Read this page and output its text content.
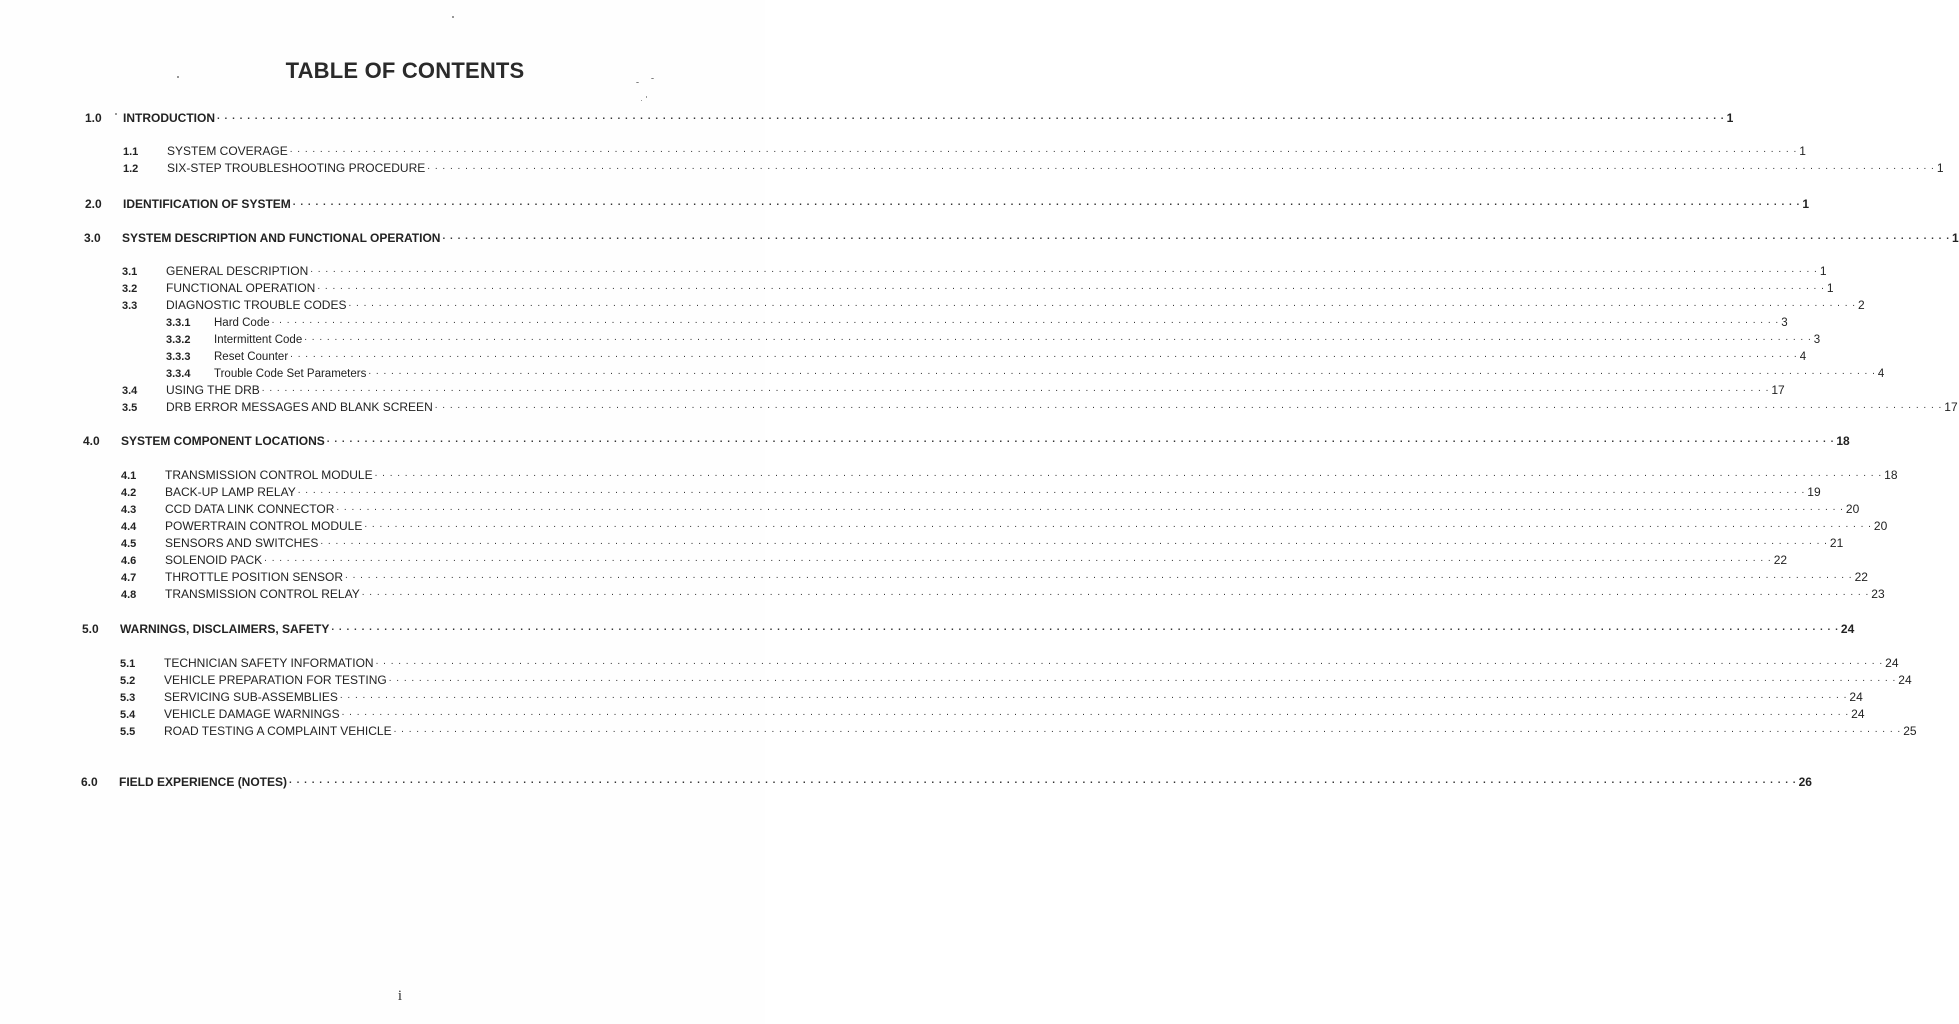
TABLE OF CONTENTS
1.0 INTRODUCTION . . . . . . . . . . . . . . . . . . . . . . . . . . . . . . . . . . . . . . . . . . . . . . . . . . . . . . . . . . . . . . . . . . . . . . . . . . . . . . . . . . . . . . . . . . . . . . . . . . . . . . . . . . . . . . . . . . . . . . . . . . . . . . . . . . . . . . . . . . . . . . . . . . . . . . . . . . . . . . . . . . . . . . . . . . . . . . . . . . . . . . . . . . . . . . . . . . . . . . . . 1
1.1 SYSTEM COVERAGE . . . . . . . . . . . . . . . . . . . . . . . . . . . . . . . . . . . . . . . . . . . . . . . . . . . . . . . . . . . . . . . . . . . . . . . . . . . . . . . . . . . . . . . . . . . . . . . . . . . . . . . . . . . . . . . . . . . . . . . . . . . . . . . . . . . . . . . . . . . . . . . . . . . . . . . . . . . . . . . . . . . . . . . . . . . . . . . . . . . . . . . . . . . . . . . . . . . . . . . . 1
1.2 SIX-STEP TROUBLESHOOTING PROCEDURE . . . . . . . . . . . . . . . . . . . . . . . . . . . . . . . . . . . . . . . . . . . . . . . . . . . . . . . . . . . . . . . . . . . . . . . . . . . . . . . . . . . . . . . . . . . . . . . . . . . . . . . . . . . . . . . . . . . . . . . . . . . . . . . . . . . . . . . . . . . . . . . . . . . . . . . . . . . . . . . . . . . . . . . . . . . . . . . . . . . . . . . . . . . . . . . . . . . . . . . . 1
2.0 IDENTIFICATION OF SYSTEM . . . . . . . . . . . . . . . . . . . . . . . . . . . . . . . . . . . . . . . . . . . . . . . . . . . . . . . . . . . . . . . . . . . . . . . . . . . . . . . . . . . . . . . . . . . . . . . . . . . . . . . . . . . . . . . . . . . . . . . . . . . . . . . . . . . . . . . . . . . . . . . . . . . . . . . . . . . . . . . . . . . . . . . . . . . . . . . . . . . . . . . . . . . . . . . . . . . . . . . . 1
3.0 SYSTEM DESCRIPTION AND FUNCTIONAL OPERATION . . . . . . . . . . . . . . . . . . . . . . . . . . . . . . . . . . . . . . . . . . . . . . . . . . . . . . . . . . . . . . . . . . . . . . . . . . . . . . . . . . . . . . . . . . . . . . . . . . . . . . . . . . . . . . . . . . . . . . . . . . . . . . . . . . . . . . . . . . . . . . . . . . . . . . . . . . . . . . . . . . . . . . . . . . . . . . . . . . . . . . . . . . . . . . . . . . . . . . . . 1
3.1 GENERAL DESCRIPTION . . . . . . . . . . . . . . . . . . . . . . . . . . . . . . . . . . . . . . . . . . . . . . . . . . . . . . . . . . . . . . . . . . . . . . . . . . . . . . . . . . . . . . . . . . . . . . . . . . . . . . . . . . . . . . . . . . . . . . . . . . . . . . . . . . . . . . . . . . . . . . . . . . . . . . . . . . . . . . . . . . . . . . . . . . . . . . . . . . . . . . . . . . . . . . . . . . . . . . . . 1
3.2 FUNCTIONAL OPERATION . . . . . . . . . . . . . . . . . . . . . . . . . . . . . . . . . . . . . . . . . . . . . . . . . . . . . . . . . . . . . . . . . . . . . . . . . . . . . . . . . . . . . . . . . . . . . . . . . . . . . . . . . . . . . . . . . . . . . . . . . . . . . . . . . . . . . . . . . . . . . . . . . . . . . . . . . . . . . . . . . . . . . . . . . . . . . . . . . . . . . . . . . . . . . . . . . . . . . . . . 1
3.3 DIAGNOSTIC TROUBLE CODES . . . . . . . . . . . . . . . . . . . . . . . . . . . . . . . . . . . . . . . . . . . . . . . . . . . . . . . . . . . . . . . . . . . . . . . . . . . . . . . . . . . . . . . . . . . . . . . . . . . . . . . . . . . . . . . . . . . . . . . . . . . . . . . . . . . . . . . . . . . . . . . . . . . . . . . . . . . . . . . . . . . . . . . . . . . . . . . . . . . . . . . . . . . . . . . . . . . . . . . . 2
3.3.1 Hard Code . . . . . . . . . . . . . . . . . . . . . . . . . . . . . . . . . . . . . . . . . . . . . . . . . . . . . . . . . . . . . . . . . . . . . . . . . . . . . . . . . . . . . . . . . . . . . . . . . . . . . . . . . . . . . . . . . . . . . . . . . . . . . . . . . . . . . . . . . . . . . . . . . . . . . . . . . . . . . . . . . . . . . . . . . . . . . . . . . . . . . . . . . . . . . . . . . . . . . . . . 3
3.3.2 Intermittent Code . . . . . . . . . . . . . . . . . . . . . . . . . . . . . . . . . . . . . . . . . . . . . . . . . . . . . . . . . . . . . . . . . . . . . . . . . . . . . . . . . . . . . . . . . . . . . . . . . . . . . . . . . . . . . . . . . . . . . . . . . . . . . . . . . . . . . . . . . . . . . . . . . . . . . . . . . . . . . . . . . . . . . . . . . . . . . . . . . . . . . . . . . . . . . . . . . . . . . . . . 3
3.3.3 Reset Counter . . . . . . . . . . . . . . . . . . . . . . . . . . . . . . . . . . . . . . . . . . . . . . . . . . . . . . . . . . . . . . . . . . . . . . . . . . . . . . . . . . . . . . . . . . . . . . . . . . . . . . . . . . . . . . . . . . . . . . . . . . . . . . . . . . . . . . . . . . . . . . . . . . . . . . . . . . . . . . . . . . . . . . . . . . . . . . . . . . . . . . . . . . . . . . . . . . . . . . . . 4
3.3.4 Trouble Code Set Parameters . . . . . . . . . . . . . . . . . . . . . . . . . . . . . . . . . . . . . . . . . . . . . . . . . . . . . . . . . . . . . . . . . . . . . . . . . . . . . . . . . . . . . . . . . . . . . . . . . . . . . . . . . . . . . . . . . . . . . . . . . . . . . . . . . . . . . . . . . . . . . . . . . . . . . . . . . . . . . . . . . . . . . . . . . . . . . . . . . . . . . . . . . . . . . . . . . . . . . . . . 4
3.4 USING THE DRB . . . . . . . . . . . . . . . . . . . . . . . . . . . . . . . . . . . . . . . . . . . . . . . . . . . . . . . . . . . . . . . . . . . . . . . . . . . . . . . . . . . . . . . . . . . . . . . . . . . . . . . . . . . . . . . . . . . . . . . . . . . . . . . . . . . . . . . . . . . . . . . . . . . . . . . . . . . . . . . . . . . . . . . . . . . . . . . . . . . . . . . . . . . . . . . . . . . . . . . . 17
3.5 DRB ERROR MESSAGES AND BLANK SCREEN . . . . . . . . . . . . . . . . . . . . . . . . . . . . . . . . . . . . . . . . . . . . . . . . . . . . . . . . . . . . . . . . . . . . . . . . . . . . . . . . . . . . . . . . . . . . . . . . . . . . . . . . . . . . . . . . . . . . . . . . . . . . . . . . . . . . . . . . . . . . . . . . . . . . . . . . . . . . . . . . . . . . . . . . . . . . . . . . . . . . . . . . . . . . . . . . . . . . . . . . 17
4.0 SYSTEM COMPONENT LOCATIONS . . . . . . . . . . . . . . . . . . . . . . . . . . . . . . . . . . . . . . . . . . . . . . . . . . . . . . . . . . . . . . . . . . . . . . . . . . . . . . . . . . . . . . . . . . . . . . . . . . . . . . . . . . . . . . . . . . . . . . . . . . . . . . . . . . . . . . . . . . . . . . . . . . . . . . . . . . . . . . . . . . . . . . . . . . . . . . . . . . . . . . . . . . . . . . . . . . . . . . . . 18
4.1 TRANSMISSION CONTROL MODULE . . . . . . . . . . . . . . . . . . . . . . . . . . . . . . . . . . . . . . . . . . . . . . . . . . . . . . . . . . . . . . . . . . . . . . . . . . . . . . . . . . . . . . . . . . . . . . . . . . . . . . . . . . . . . . . . . . . . . . . . . . . . . . . . . . . . . . . . . . . . . . . . . . . . . . . . . . . . . . . . . . . . . . . . . . . . . . . . . . . . . . . . . . . . . . . . . . . . . . . . 18
4.2 BACK-UP LAMP RELAY . . . . . . . . . . . . . . . . . . . . . . . . . . . . . . . . . . . . . . . . . . . . . . . . . . . . . . . . . . . . . . . . . . . . . . . . . . . . . . . . . . . . . . . . . . . . . . . . . . . . . . . . . . . . . . . . . . . . . . . . . . . . . . . . . . . . . . . . . . . . . . . . . . . . . . . . . . . . . . . . . . . . . . . . . . . . . . . . . . . . . . . . . . . . . . . . . . . . . . . . 19
4.3 CCD DATA LINK CONNECTOR . . . . . . . . . . . . . . . . . . . . . . . . . . . . . . . . . . . . . . . . . . . . . . . . . . . . . . . . . . . . . . . . . . . . . . . . . . . . . . . . . . . . . . . . . . . . . . . . . . . . . . . . . . . . . . . . . . . . . . . . . . . . . . . . . . . . . . . . . . . . . . . . . . . . . . . . . . . . . . . . . . . . . . . . . . . . . . . . . . . . . . . . . . . . . . . . . . . . . . . . 20
4.4 POWERTRAIN CONTROL MODULE . . . . . . . . . . . . . . . . . . . . . . . . . . . . . . . . . . . . . . . . . . . . . . . . . . . . . . . . . . . . . . . . . . . . . . . . . . . . . . . . . . . . . . . . . . . . . . . . . . . . . . . . . . . . . . . . . . . . . . . . . . . . . . . . . . . . . . . . . . . . . . . . . . . . . . . . . . . . . . . . . . . . . . . . . . . . . . . . . . . . . . . . . . . . . . . . . . . . . . . . 20
4.5 SENSORS AND SWITCHES . . . . . . . . . . . . . . . . . . . . . . . . . . . . . . . . . . . . . . . . . . . . . . . . . . . . . . . . . . . . . . . . . . . . . . . . . . . . . . . . . . . . . . . . . . . . . . . . . . . . . . . . . . . . . . . . . . . . . . . . . . . . . . . . . . . . . . . . . . . . . . . . . . . . . . . . . . . . . . . . . . . . . . . . . . . . . . . . . . . . . . . . . . . . . . . . . . . . . . . . 21
4.6 SOLENOID PACK . . . . . . . . . . . . . . . . . . . . . . . . . . . . . . . . . . . . . . . . . . . . . . . . . . . . . . . . . . . . . . . . . . . . . . . . . . . . . . . . . . . . . . . . . . . . . . . . . . . . . . . . . . . . . . . . . . . . . . . . . . . . . . . . . . . . . . . . . . . . . . . . . . . . . . . . . . . . . . . . . . . . . . . . . . . . . . . . . . . . . . . . . . . . . . . . . . . . . . . . 22
4.7 THROTTLE POSITION SENSOR . . . . . . . . . . . . . . . . . . . . . . . . . . . . . . . . . . . . . . . . . . . . . . . . . . . . . . . . . . . . . . . . . . . . . . . . . . . . . . . . . . . . . . . . . . . . . . . . . . . . . . . . . . . . . . . . . . . . . . . . . . . . . . . . . . . . . . . . . . . . . . . . . . . . . . . . . . . . . . . . . . . . . . . . . . . . . . . . . . . . . . . . . . . . . . . . . . . . . . . . 22
4.8 TRANSMISSION CONTROL RELAY . . . . . . . . . . . . . . . . . . . . . . . . . . . . . . . . . . . . . . . . . . . . . . . . . . . . . . . . . . . . . . . . . . . . . . . . . . . . . . . . . . . . . . . . . . . . . . . . . . . . . . . . . . . . . . . . . . . . . . . . . . . . . . . . . . . . . . . . . . . . . . . . . . . . . . . . . . . . . . . . . . . . . . . . . . . . . . . . . . . . . . . . . . . . . . . . . . . . . . . . 23
5.0 WARNINGS, DISCLAIMERS, SAFETY . . . . . . . . . . . . . . . . . . . . . . . . . . . . . . . . . . . . . . . . . . . . . . . . . . . . . . . . . . . . . . . . . . . . . . . . . . . . . . . . . . . . . . . . . . . . . . . . . . . . . . . . . . . . . . . . . . . . . . . . . . . . . . . . . . . . . . . . . . . . . . . . . . . . . . . . . . . . . . . . . . . . . . . . . . . . . . . . . . . . . . . . . . . . . . . . . . . . . . . . 24
5.1 TECHNICIAN SAFETY INFORMATION . . . . . . . . . . . . . . . . . . . . . . . . . . . . . . . . . . . . . . . . . . . . . . . . . . . . . . . . . . . . . . . . . . . . . . . . . . . . . . . . . . . . . . . . . . . . . . . . . . . . . . . . . . . . . . . . . . . . . . . . . . . . . . . . . . . . . . . . . . . . . . . . . . . . . . . . . . . . . . . . . . . . . . . . . . . . . . . . . . . . . . . . . . . . . . . . . . . . . . . . 24
5.2 VEHICLE PREPARATION FOR TESTING . . . . . . . . . . . . . . . . . . . . . . . . . . . . . . . . . . . . . . . . . . . . . . . . . . . . . . . . . . . . . . . . . . . . . . . . . . . . . . . . . . . . . . . . . . . . . . . . . . . . . . . . . . . . . . . . . . . . . . . . . . . . . . . . . . . . . . . . . . . . . . . . . . . . . . . . . . . . . . . . . . . . . . . . . . . . . . . . . . . . . . . . . . . . . . . . . . . . . . . . 24
5.3 SERVICING SUB-ASSEMBLIES . . . . . . . . . . . . . . . . . . . . . . . . . . . . . . . . . . . . . . . . . . . . . . . . . . . . . . . . . . . . . . . . . . . . . . . . . . . . . . . . . . . . . . . . . . . . . . . . . . . . . . . . . . . . . . . . . . . . . . . . . . . . . . . . . . . . . . . . . . . . . . . . . . . . . . . . . . . . . . . . . . . . . . . . . . . . . . . . . . . . . . . . . . . . . . . . . . . . . . . . 24
5.4 VEHICLE DAMAGE WARNINGS . . . . . . . . . . . . . . . . . . . . . . . . . . . . . . . . . . . . . . . . . . . . . . . . . . . . . . . . . . . . . . . . . . . . . . . . . . . . . . . . . . . . . . . . . . . . . . . . . . . . . . . . . . . . . . . . . . . . . . . . . . . . . . . . . . . . . . . . . . . . . . . . . . . . . . . . . . . . . . . . . . . . . . . . . . . . . . . . . . . . . . . . . . . . . . . . . . . . . . . . 24
5.5 ROAD TESTING A COMPLAINT VEHICLE . . . . . . . . . . . . . . . . . . . . . . . . . . . . . . . . . . . . . . . . . . . . . . . . . . . . . . . . . . . . . . . . . . . . . . . . . . . . . . . . . . . . . . . . . . . . . . . . . . . . . . . . . . . . . . . . . . . . . . . . . . . . . . . . . . . . . . . . . . . . . . . . . . . . . . . . . . . . . . . . . . . . . . . . . . . . . . . . . . . . . . . . . . . . . . . . . . . . . . . . 25
6.0 FIELD EXPERIENCE (NOTES) . . . . . . . . . . . . . . . . . . . . . . . . . . . . . . . . . . . . . . . . . . . . . . . . . . . . . . . . . . . . . . . . . . . . . . . . . . . . . . . . . . . . . . . . . . . . . . . . . . . . . . . . . . . . . . . . . . . . . . . . . . . . . . . . . . . . . . . . . . . . . . . . . . . . . . . . . . . . . . . . . . . . . . . . . . . . . . . . . . . . . . . . . . . . . . . . . . . . . . . . 26
i
